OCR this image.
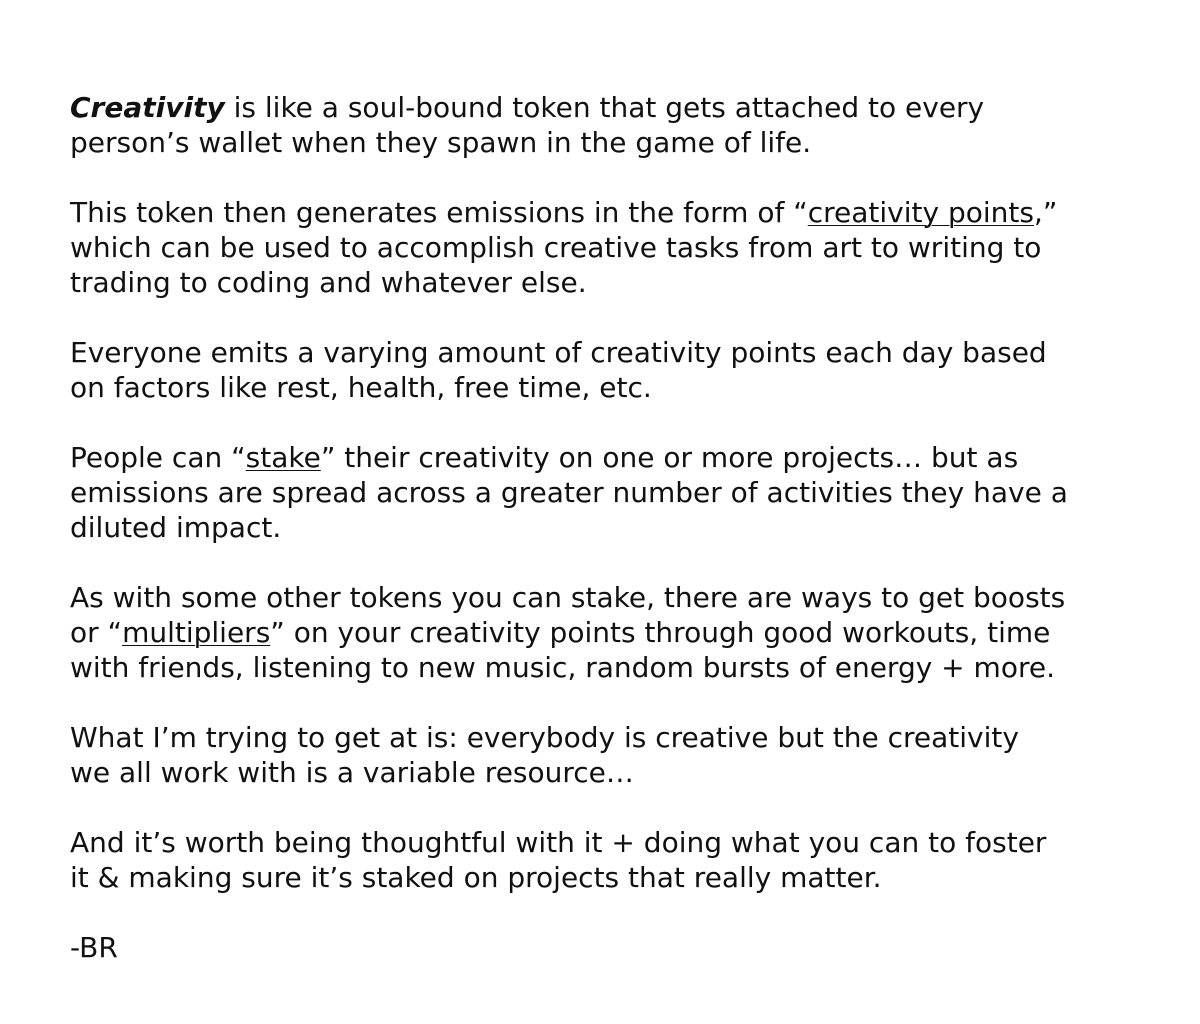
Creativity is like a soul-bound token that gets attached to every
person’s wallet when they spawn in the game of life.

This token then generates emissions in the form of “creativity points,”
which can be used to accomplish creative tasks from art to writing to
trading to coding and whatever else.

Everyone emits a varying amount of creativity points each day based
on factors like rest, health, free time, etc.

People can “stake” their creativity on one or more projects… but as
emissions are spread across a greater number of activities they have a
diluted impact.

As with some other tokens you can stake, there are ways to get boosts
or “multipliers” on your creativity points through good workouts, time
with friends, listening to new music, random bursts of energy + more.

What I’m trying to get at is: everybody is creative but the creativity
we all work with is a variable resource…

And it’s worth being thoughtful with it + doing what you can to foster
it & making sure it’s staked on projects that really matter.

-BR
